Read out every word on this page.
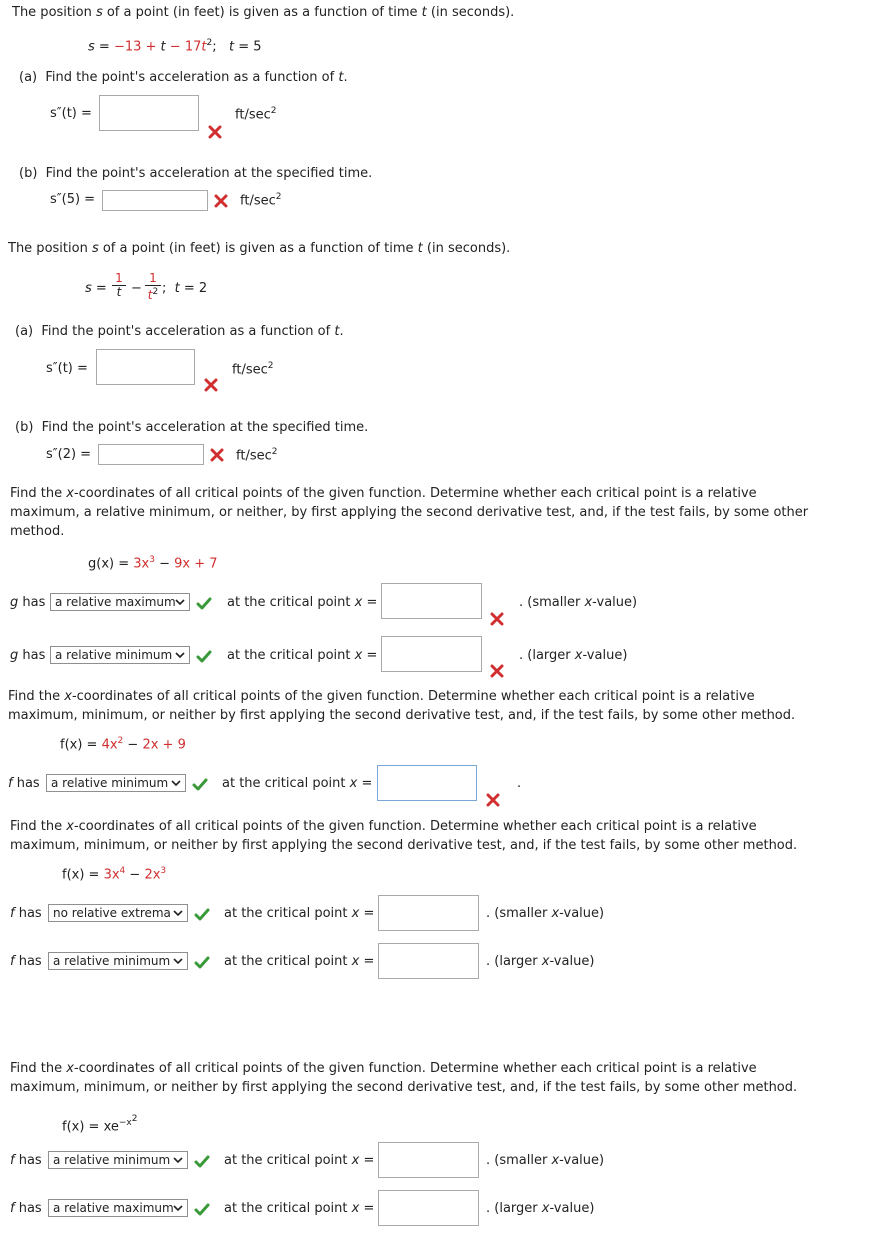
The position s of a point (in feet) is given as a function of time t (in seconds).
$s = -13 + t - 17t^2$; t = 5
(a) Find the point's acceleration as a function of t.
s″(t) =	$ft/\sec^2$
(b) Find the point's acceleration at the specified time.
s″(5) =	$ft/\sec^2$
The position s of a point (in feet) is given as a function of time t (in seconds).
$s = \frac{1}{t} - \frac{1}{t^2}$ ; t = 2
(a) Find the point's acceleration as a function of t.
s″(t) =	$ft/\sec^2$
(b) Find the point's acceleration at the specified time.
s″(2) =	$ft/\sec^2$
Find the x-coordinates of all critical points of the given function. Determine whether each critical point is a relative maximum, a relative minimum, or neither, by first applying the second derivative test, and, if the test fails, by some other method.
$g(x) = 3x^3 - 9x + 7$
g has a relative maximum	at the critical point x =	. (smaller x-value)
g has a relative minimum	at the critical point x =	. (larger x-value)
Find the x-coordinates of all critical points of the given function. Determine whether each critical point is a relative maximum, minimum, or neither by first applying the second derivative test, and, if the test fails, by some other method.
$f(x) = 4x^2 - 2x + 9$
f has a relative minimum	at the critical point x =	.
Find the x-coordinates of all critical points of the given function. Determine whether each critical point is a relative maximum, minimum, or neither by first applying the second derivative test, and, if the test fails, by some other method.
$f(x) = 3x^4 - 2x^3$
f has no relative extrema	at the critical point x =	. (smaller x-value)
f has a relative minimum	at the critical point x =	. (larger x-value)
Find the x-coordinates of all critical points of the given function. Determine whether each critical point is a relative maximum, minimum, or neither by first applying the second derivative test, and, if the test fails, by some other method.
$f(x) = xe^{-x^2}$
f has a relative minimum	at the critical point x =	. (smaller x-value)
f has a relative maximum	at the critical point x =	. (larger x-value)
